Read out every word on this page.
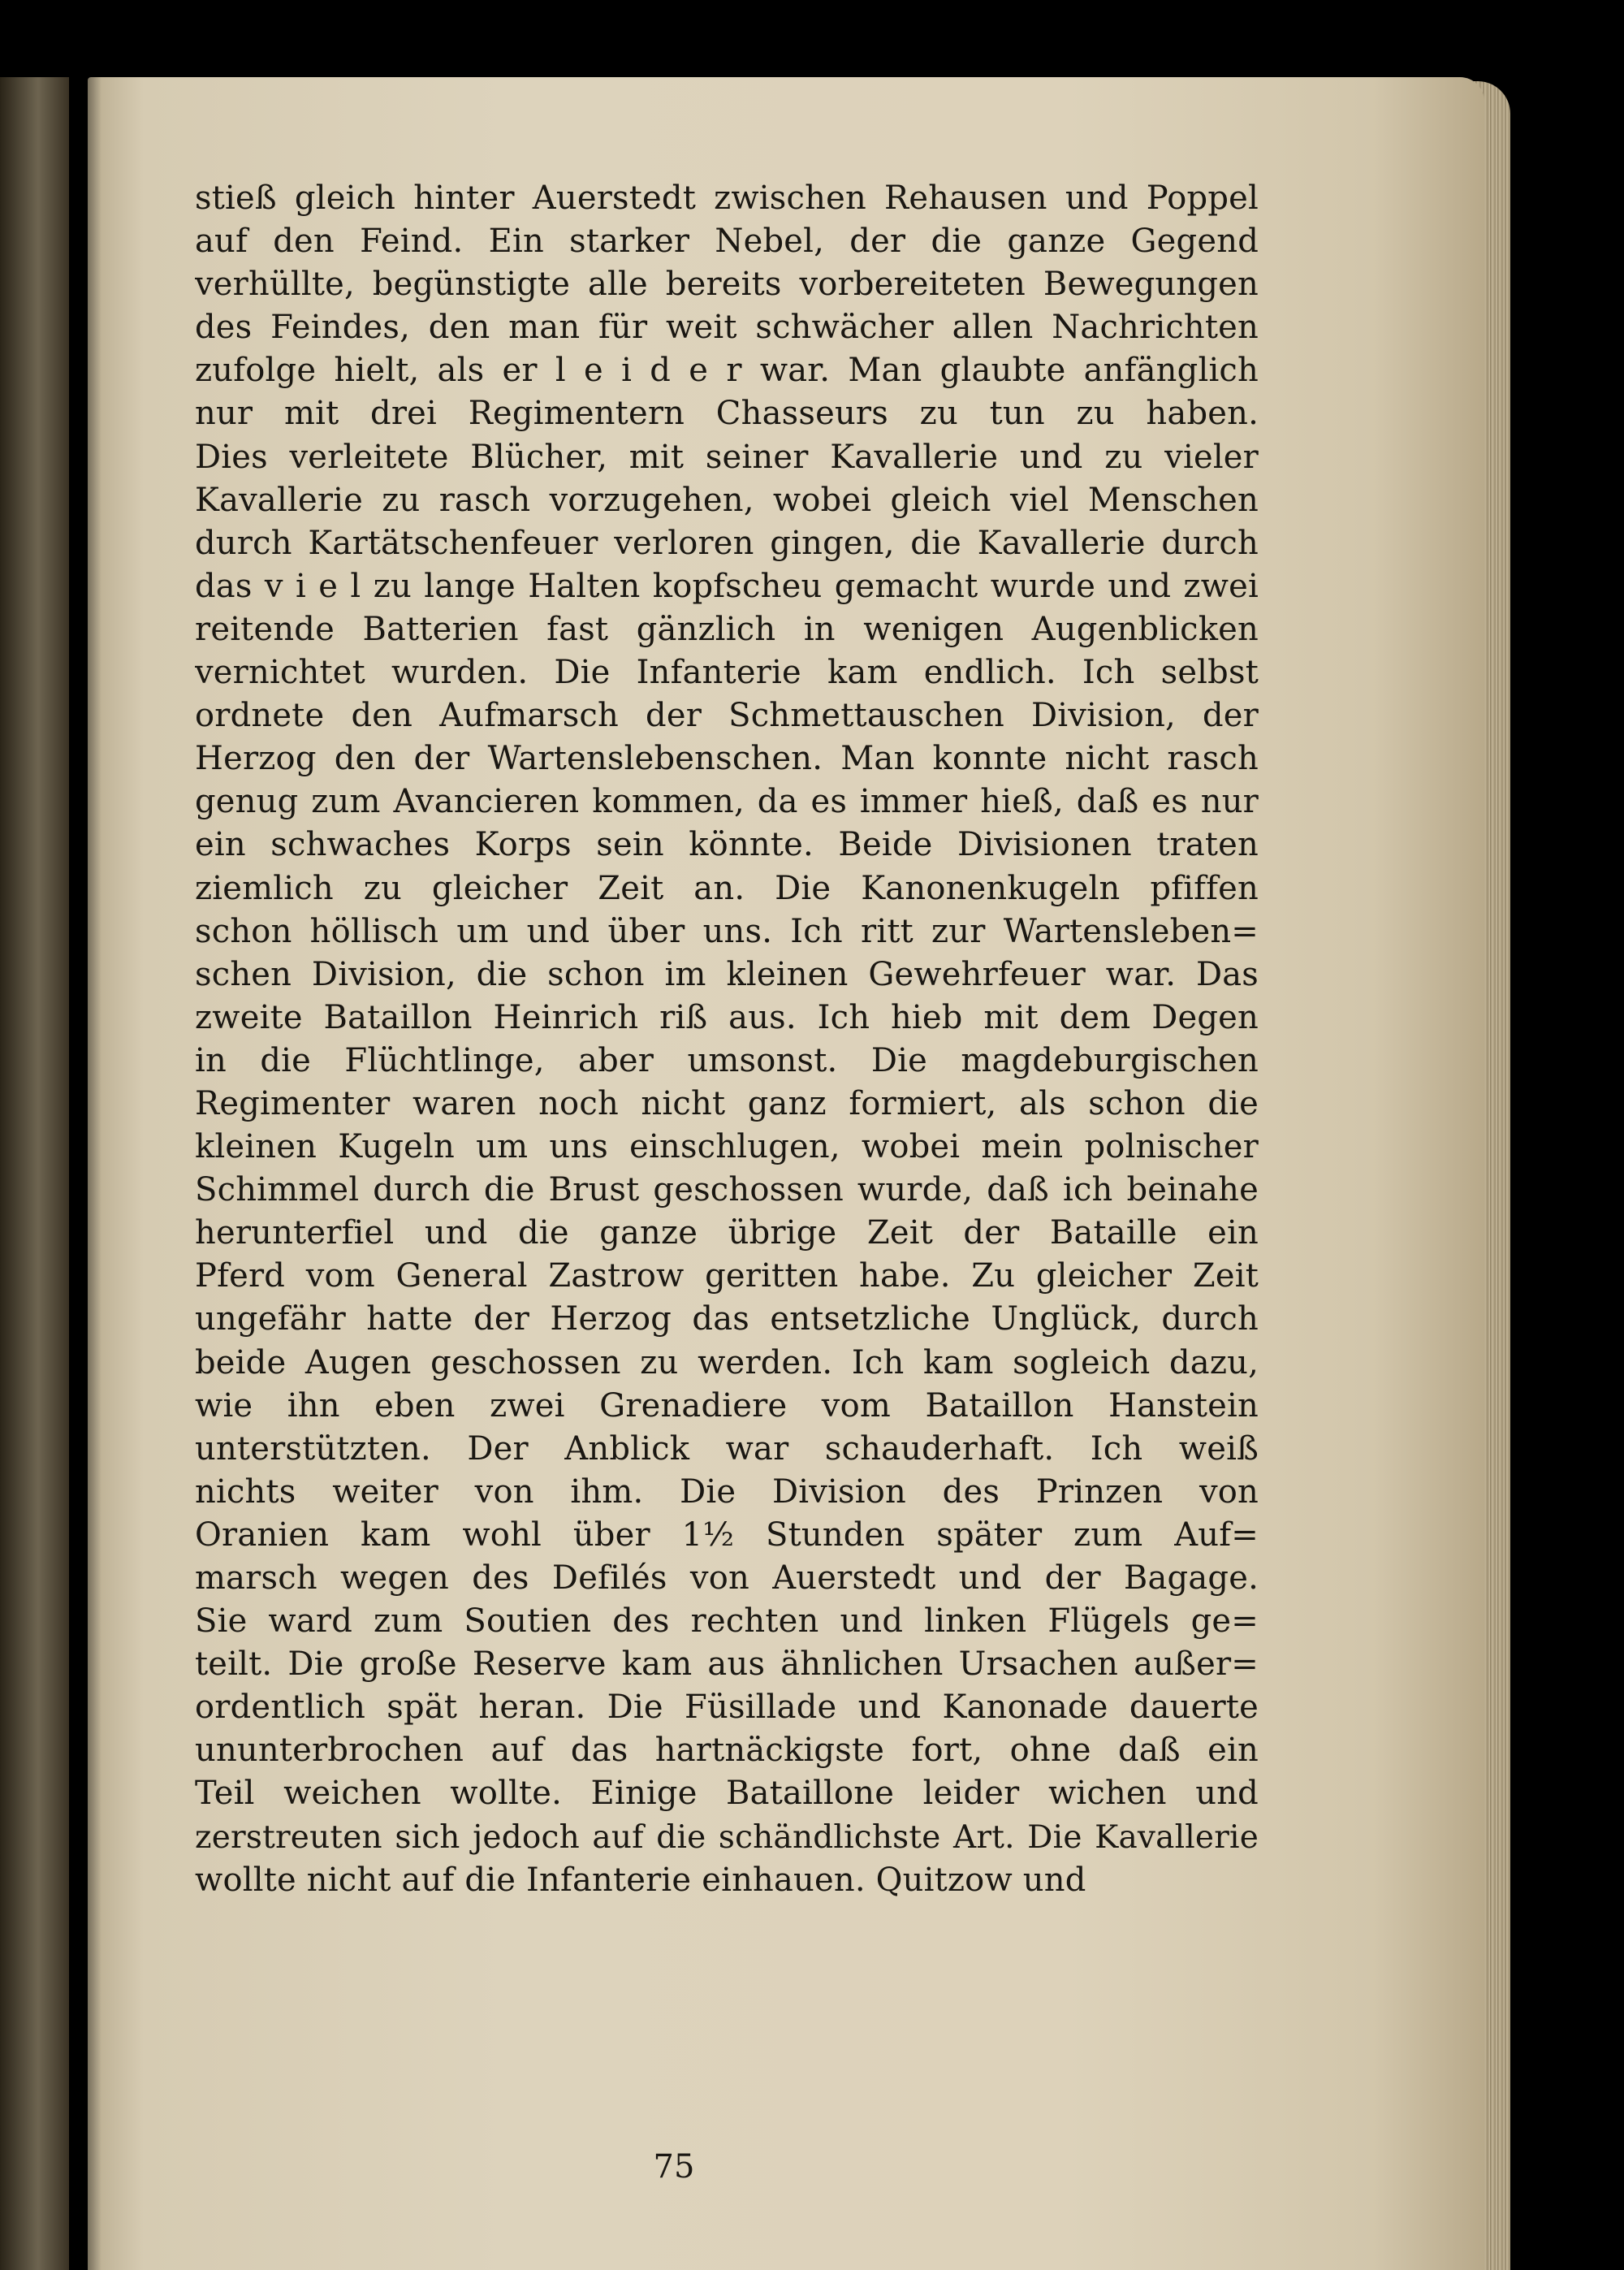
stieß gleich hinter Auerstedt zwischen Rehausen und Poppel
auf den Feind. Ein starker Nebel, der die ganze Gegend
verhüllte, begünstigte alle bereits vorbereiteten Bewegungen
des Feindes, den man für weit schwächer allen Nachrichten
zufolge hielt, als er l e i d e r war. Man glaubte anfänglich
nur mit drei Regimentern Chasseurs zu tun zu haben.
Dies verleitete Blücher, mit seiner Kavallerie und zu vieler
Kavallerie zu rasch vorzugehen, wobei gleich viel Menschen
durch Kartätschenfeuer verloren gingen, die Kavallerie durch
das v i e l zu lange Halten kopfscheu gemacht wurde und zwei
reitende Batterien fast gänzlich in wenigen Augenblicken
vernichtet wurden. Die Infanterie kam endlich. Ich selbst
ordnete den Aufmarsch der Schmettauschen Division, der
Herzog den der Wartenslebenschen. Man konnte nicht rasch
genug zum Avancieren kommen, da es immer hieß, daß es nur
ein schwaches Korps sein könnte. Beide Divisionen traten
ziemlich zu gleicher Zeit an. Die Kanonenkugeln pfiffen
schon höllisch um und über uns. Ich ritt zur Wartensleben=
schen Division, die schon im kleinen Gewehrfeuer war. Das
zweite Bataillon Heinrich riß aus. Ich hieb mit dem Degen
in die Flüchtlinge, aber umsonst. Die magdeburgischen
Regimenter waren noch nicht ganz formiert, als schon die
kleinen Kugeln um uns einschlugen, wobei mein polnischer
Schimmel durch die Brust geschossen wurde, daß ich beinahe
herunterfiel und die ganze übrige Zeit der Bataille ein
Pferd vom General Zastrow geritten habe. Zu gleicher Zeit
ungefähr hatte der Herzog das entsetzliche Unglück, durch
beide Augen geschossen zu werden. Ich kam sogleich dazu,
wie ihn eben zwei Grenadiere vom Bataillon Hanstein
unterstützten. Der Anblick war schauderhaft. Ich weiß
nichts weiter von ihm. Die Division des Prinzen von
Oranien kam wohl über 1½ Stunden später zum Auf=
marsch wegen des Defilés von Auerstedt und der Bagage.
Sie ward zum Soutien des rechten und linken Flügels ge=
teilt. Die große Reserve kam aus ähnlichen Ursachen außer=
ordentlich spät heran. Die Füsillade und Kanonade dauerte
ununterbrochen auf das hartnäckigste fort, ohne daß ein
Teil weichen wollte. Einige Bataillone leider wichen und
zerstreuten sich jedoch auf die schändlichste Art. Die Kavallerie
wollte nicht auf die Infanterie einhauen. Quitzow und
75
